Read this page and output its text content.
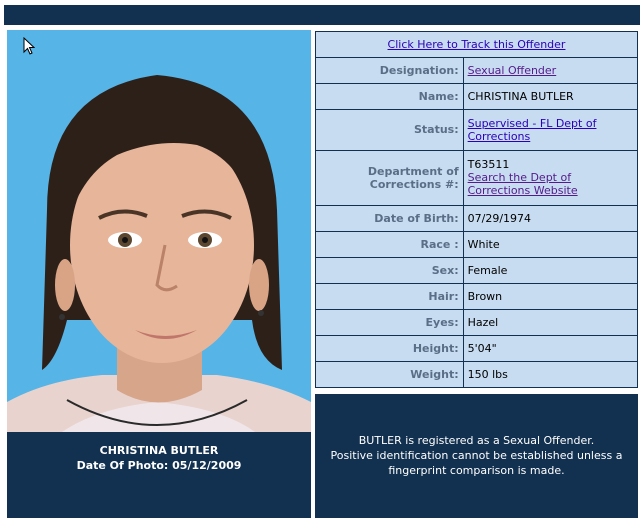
CHRISTINA BUTLER
Date Of Photo: 05/12/2009
Click Here to Track this Offender	
Designation:	Sexual Offender
Name:	CHRISTINA BUTLER
Status:	Supervised - FL Dept of Corrections
Department of Corrections #:	T63511
Search the Dept of Corrections Website
Date of Birth:	07/29/1974
Race :	White
Sex:	Female
Hair:	Brown
Eyes:	Hazel
Height:	5'04"
Weight:	150 lbs
BUTLER is registered as a Sexual Offender.
Positive identification cannot be established unless a
fingerprint comparison is made.
